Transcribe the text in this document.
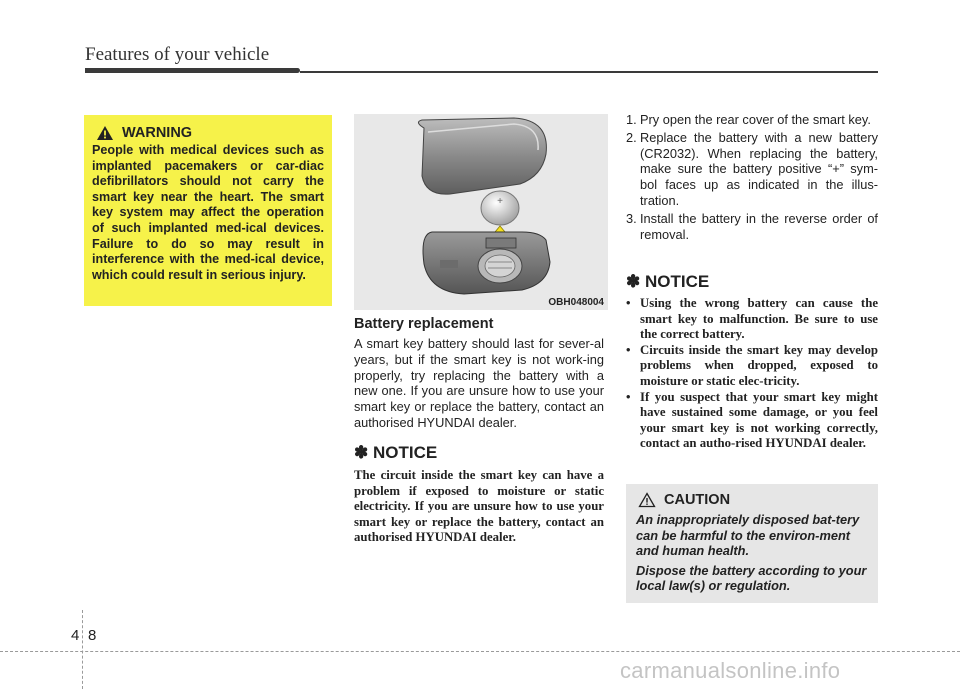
Features of your vehicle
WARNING
People with medical devices such as implanted pacemakers or car-diac defibrillators should not carry the smart key near the heart. The smart key system may affect the operation of such implanted med-ical devices. Failure to do so may result in interference with the med-ical device, which could result in serious injury.
+
OBH048004
Battery replacement
A smart key battery should last for sever-al years, but if the smart key is not work-ing properly, try replacing the battery with a new one. If you are unsure how to use your smart key or replace the battery, contact an authorised HYUNDAI dealer.
✽ NOTICE
The circuit inside the smart key can have a problem if exposed to moisture or static electricity. If you are unsure how to use your smart key or replace the battery, contact an authorised HYUNDAI dealer.
1. Pry open the rear cover of the smart key.
2. Replace the battery with a new battery (CR2032). When replacing the battery, make sure the battery positive “+” sym-bol faces up as indicated in the illus-tration.
3. Install the battery in the reverse order of removal.
✽ NOTICE
• Using the wrong battery can cause the smart key to malfunction. Be sure to use the correct battery.
• Circuits inside the smart key may develop problems when dropped, exposed to moisture or static elec-tricity.
• If you suspect that your smart key might have sustained some damage, or you feel your smart key is not working correctly, contact an autho-rised HYUNDAI dealer.
CAUTION

An inappropriately disposed bat-tery can be harmful to the environ-ment and human health.

Dispose the battery according to your local law(s) or regulation.

4 8
carmanualsonline.info
